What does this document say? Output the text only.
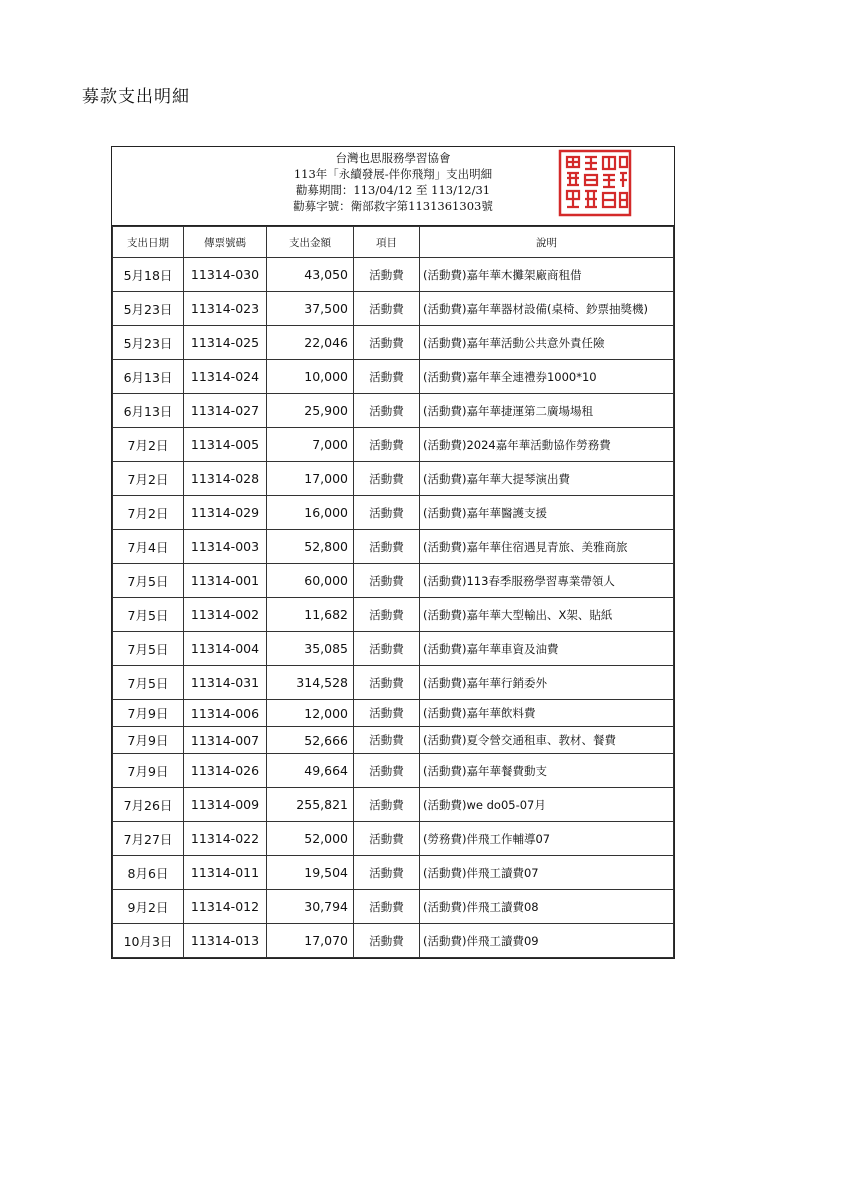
募款支出明細
台灣也思服務學習協會
113年「永續發展-伴你飛翔」支出明細
勸募期間：113/04/12 至 113/12/31
勸募字號：衛部救字第1131361303號
支出日期	傳票號碼	支出金額	項目	說明
5月18日	11314-030	43,050	活動費	(活動費)嘉年華木攤架廠商租借
5月23日	11314-023	37,500	活動費	(活動費)嘉年華器材設備(桌椅、鈔票抽獎機)
5月23日	11314-025	22,046	活動費	(活動費)嘉年華活動公共意外責任險
6月13日	11314-024	10,000	活動費	(活動費)嘉年華全連禮券1000*10
6月13日	11314-027	25,900	活動費	(活動費)嘉年華捷運第二廣場場租
7月2日	11314-005	7,000	活動費	(活動費)2024嘉年華活動協作勞務費
7月2日	11314-028	17,000	活動費	(活動費)嘉年華大提琴演出費
7月2日	11314-029	16,000	活動費	(活動費)嘉年華醫護支援
7月4日	11314-003	52,800	活動費	(活動費)嘉年華住宿遇見青旅、美雅商旅
7月5日	11314-001	60,000	活動費	(活動費)113春季服務學習專業帶領人
7月5日	11314-002	11,682	活動費	(活動費)嘉年華大型輸出、X架、貼紙
7月5日	11314-004	35,085	活動費	(活動費)嘉年華車資及油費
7月5日	11314-031	314,528	活動費	(活動費)嘉年華行銷委外
7月9日	11314-006	12,000	活動費	(活動費)嘉年華飲料費
7月9日	11314-007	52,666	活動費	(活動費)夏令營交通租車、教材、餐費
7月9日	11314-026	49,664	活動費	(活動費)嘉年華餐費動支
7月26日	11314-009	255,821	活動費	(活動費)we do05-07月
7月27日	11314-022	52,000	活動費	(勞務費)伴飛工作輔導07
8月6日	11314-011	19,504	活動費	(活動費)伴飛工讀費07
9月2日	11314-012	30,794	活動費	(活動費)伴飛工讀費08
10月3日	11314-013	17,070	活動費	(活動費)伴飛工讀費09
